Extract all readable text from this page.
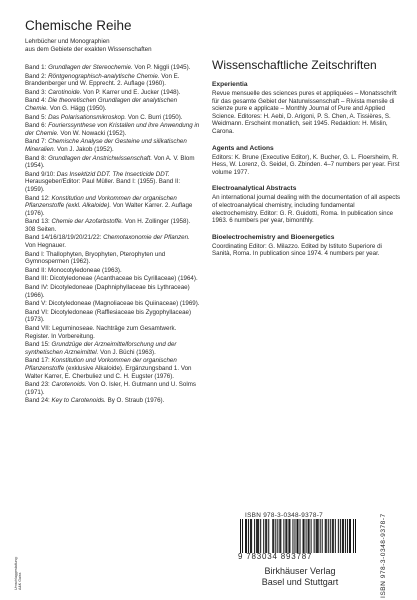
Chemische Reihe
Lehrbücher und Monographien
aus dem Gebiete der exakten Wissenschaften
Band 1: Grundlagen der Stereochemie. Von P. Niggli (1945).
Band 2: Röntgenographisch-analytische Chemie. Von E. Brandenberger und W. Epprecht. 2. Auflage (1960).
Band 3: Carotinoide. Von P. Karrer und E. Jucker (1948).
Band 4: Die theoretischen Grundlagen der analytischen Chemie. Von G. Hägg (1950).
Band 5: Das Polarisationsmikroskop. Von C. Burri (1950).
Band 6: Fourierssynthese von Kristallen und ihre Anwendung in der Chemie. Von W. Nowacki (1952).
Band 7: Chemische Analyse der Gesteine und silikatischen Mineralien. Von J. Jakob (1952).
Band 8: Grundlagen der Anstrichwissenschaft. Von A. V. Blom (1954).
Band 9/10: Das Insektizid DDT. The Insecticide DDT. Herausgeber/Editor: Paul Müller. Band I: (1955). Band II: (1959).
Band 12: Konstitution und Vorkommen der organischen Pflanzenstoffe (exkl. Alkaloide). Von Walter Karrer. 2. Auflage (1976).
Band 13: Chemie der Azofarbstoffe. Von H. Zollinger (1958). 308 Seiten.
Band 14/16/18/19/20/21/22: Chemotaxonomie der Pflanzen. Von Hegnauer.
Band I: Thallophyten, Bryophyten, Pterophyten und Gymnospermen (1962).
Band II: Monocotyledoneae (1963).
Band III: Dicotyledoneae (Acanthaceae bis Cyrillaceae) (1964).
Band IV: Dicotyledoneae (Daphniphyllaceae bis Lythraceae) (1966).
Band V: Dicotyledoneae (Magnoliaceae bis Quiinaceae) (1969).
Band VI: Dicotyledoneae (Rafflesiaceae bis Zygophyllaceae) (1973).
Band VII: Leguminoseae. Nachträge zum Gesamtwerk. Register. In Vorbereitung.
Band 15: Grundzüge der Arzneimittelforschung und der synthetischen Arzneimittel. Von J. Büchi (1963).
Band 17: Konstitution und Vorkommen der organischen Pflanzenstoffe (exklusive Alkaloide). Ergänzungsband 1. Von Walter Karrer, E. Cherbuliez und C. H. Eugster (1976).
Band 23: Carotenoids. Von O. Isler, H. Gutmann und U. Solms (1971).
Band 24: Key to Carotenoids. By O. Straub (1976).
Wissenschaftliche Zeitschriften
Experientia
Revue mensuelle des sciences pures et appliquées – Monatsschrift für das gesamte Gebiet der Naturwissenschaft – Rivista mensile di scienze pure e applicate – Monthly Journal of Pure and Applied Science. Editores: H. Aebi, D. Arigoni, P. S. Chen, A. Tissières, S. Weidmann. Erscheint monatlich, seit 1945. Redaktion: H. Mislin, Carona.
Agents and Actions
Editors: K. Brune (Executive Editor), K. Bucher, G. L. Floersheim, R. Hess, W. Lorenz, G. Seidel, G. Zbinden. 4–7 numbers per year. First volume 1977.
Electroanalytical Abstracts
An international journal dealing with the documentation of all aspects of electroanalytical chemistry, including fundamental electrochemistry. Editor: G. R. Guidotti, Roma. In publication since 1963. 6 numbers per year, bimonthly.
Bioelectrochemistry and Bioenergetics
Coordinating Editor: G. Milazzo. Edited by Istituto Superiore di Sanità, Roma. In publication since 1974. 4 numbers per year.
ISBN 978-3-0348-9378-7
9 783034 893787	ISBN 978-3-0348-9378-7
Birkhäuser Verlag
Basel und Stuttgart
Umschlaggestaltung:
A&K Gaiss
